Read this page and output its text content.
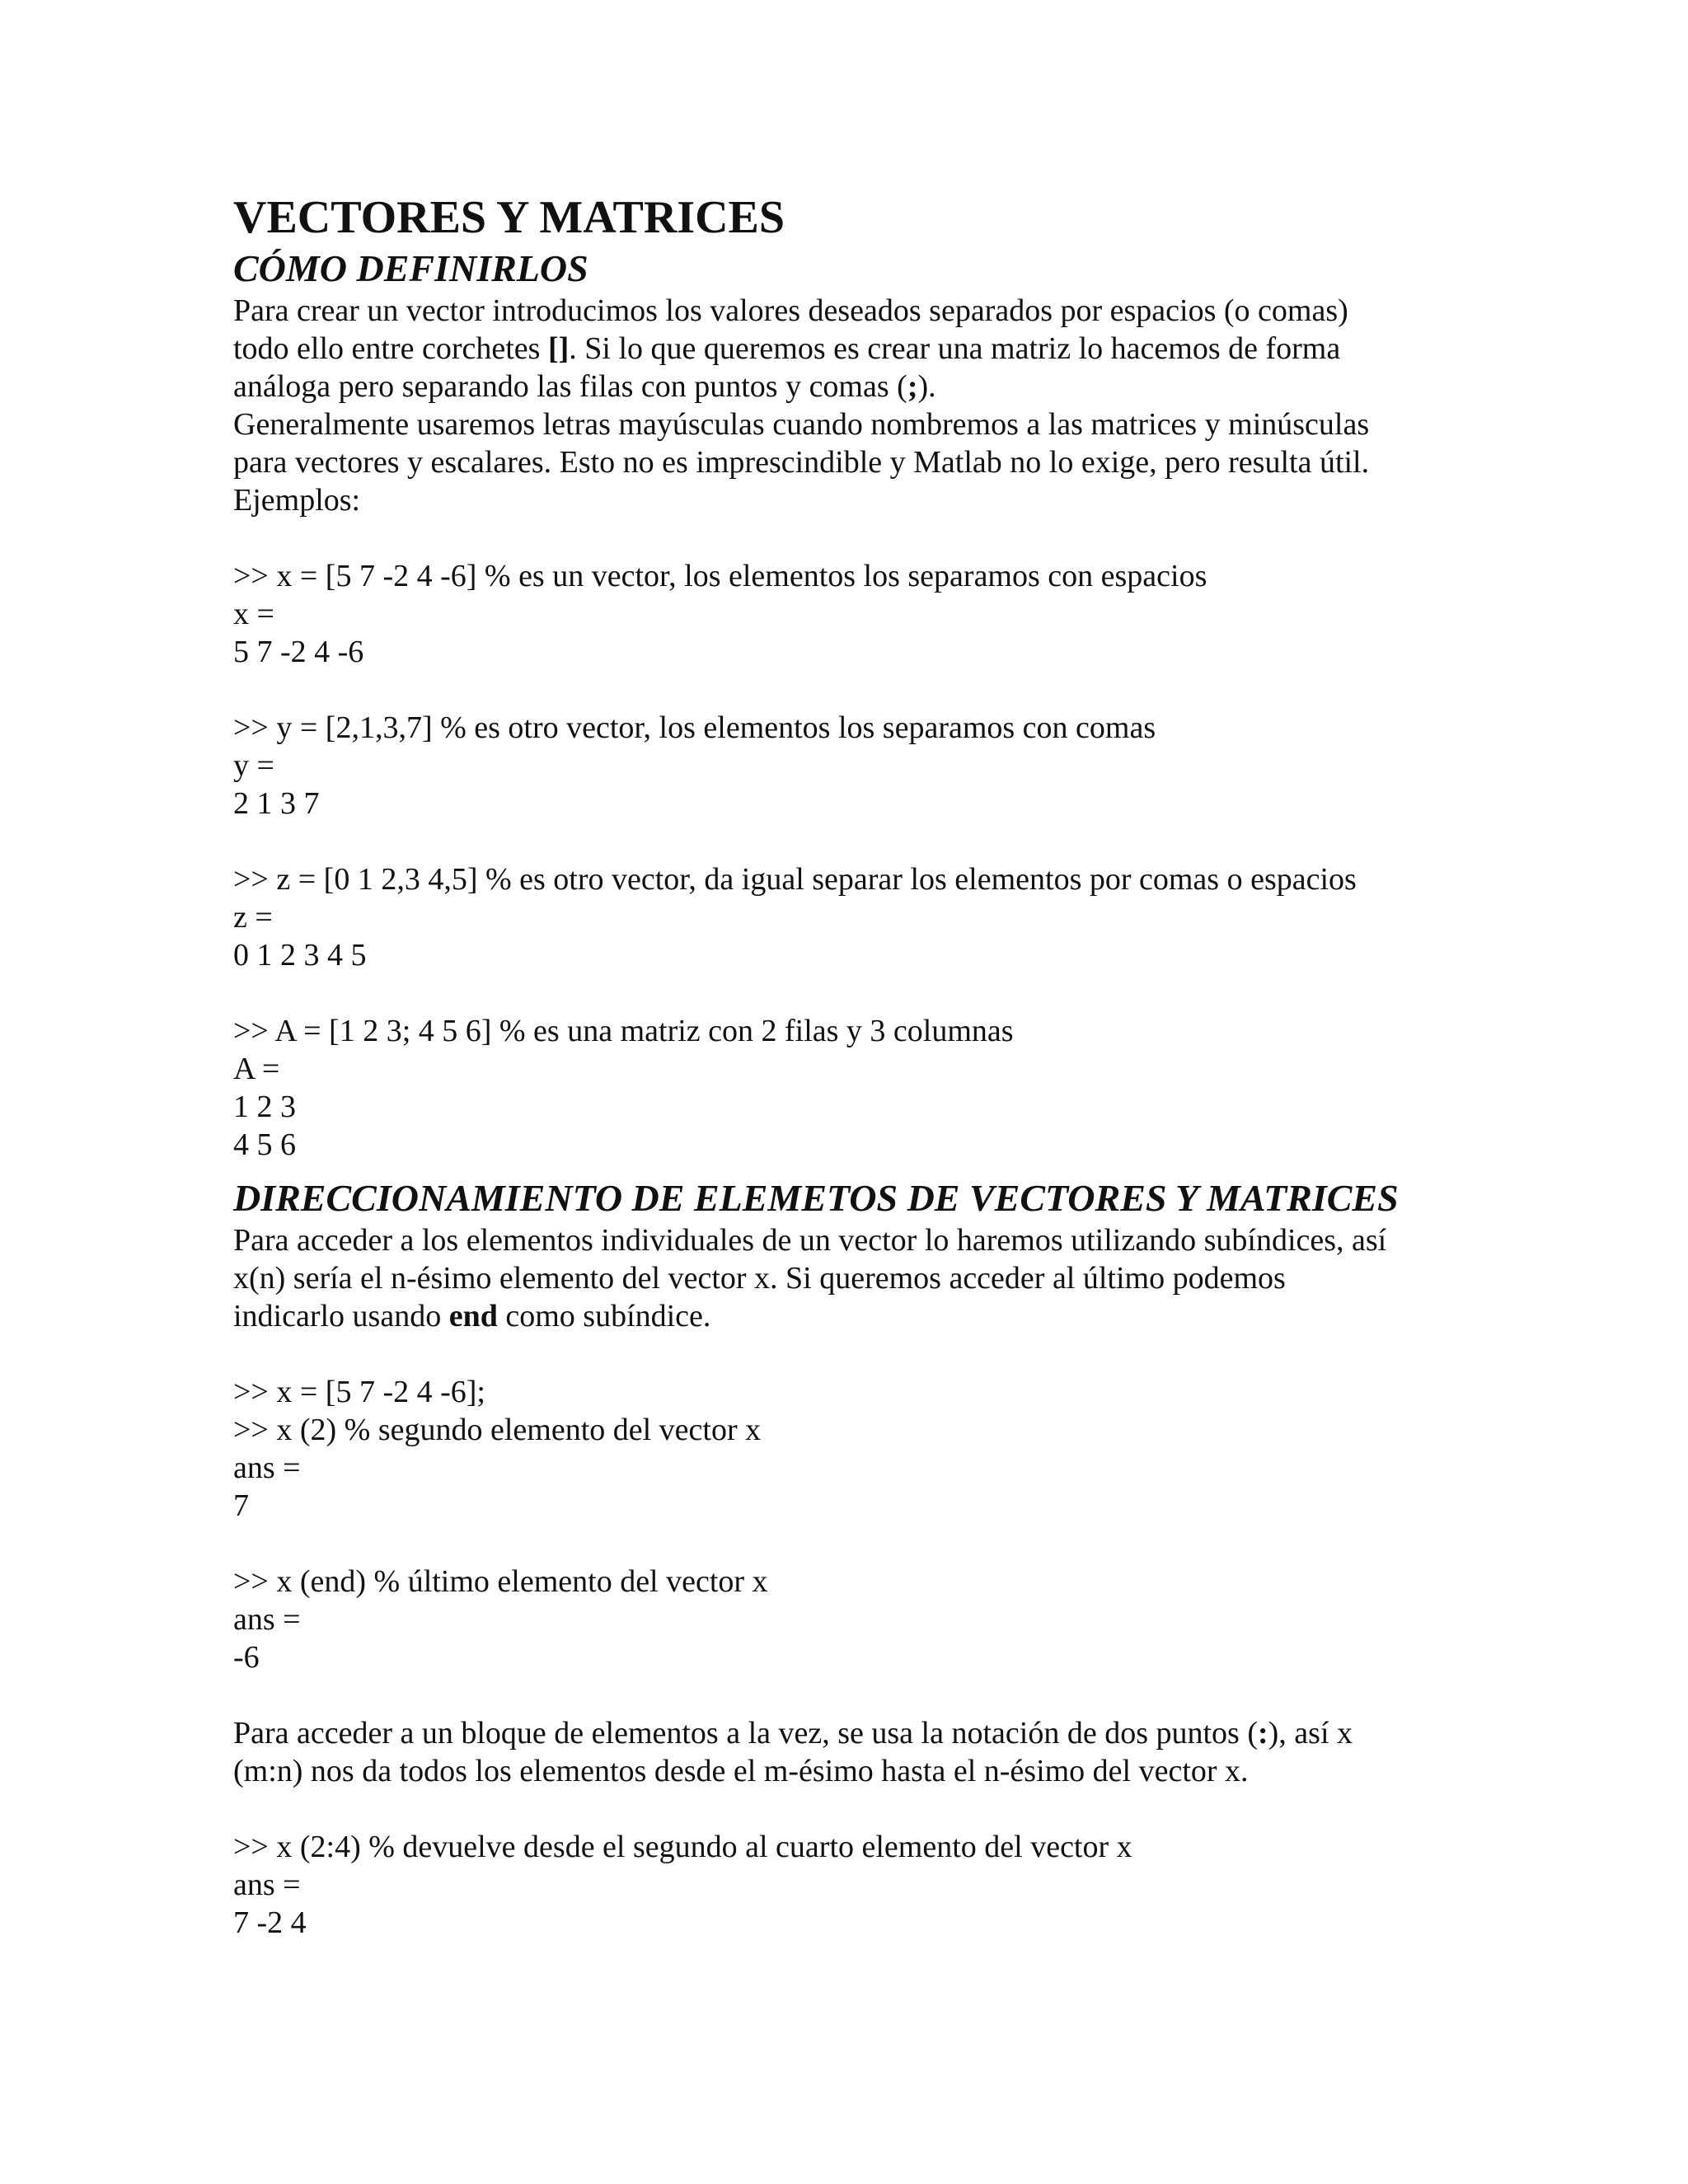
VECTORES Y MATRICES
CÓMO DEFINIRLOS
Para crear un vector introducimos los valores deseados separados por espacios (o comas)
todo ello entre corchetes []. Si lo que queremos es crear una matriz lo hacemos de forma
análoga pero separando las filas con puntos y comas (;).
Generalmente usaremos letras mayúsculas cuando nombremos a las matrices y minúsculas
para vectores y escalares. Esto no es imprescindible y Matlab no lo exige, pero resulta útil.
Ejemplos:
>> x = [5 7 -2 4 -6] % es un vector, los elementos los separamos con espacios
x =
5 7 -2 4 -6
>> y = [2,1,3,7] % es otro vector, los elementos los separamos con comas
y =
2 1 3 7
>> z = [0 1 2,3 4,5] % es otro vector, da igual separar los elementos por comas o espacios
z =
0 1 2 3 4 5
>> A = [1 2 3; 4 5 6] % es una matriz con 2 filas y 3 columnas
A =
1 2 3
4 5 6
DIRECCIONAMIENTO DE ELEMETOS DE VECTORES Y MATRICES
Para acceder a los elementos individuales de un vector lo haremos utilizando subíndices, así
x(n) sería el n-ésimo elemento del vector x. Si queremos acceder al último podemos
indicarlo usando end como subíndice.
>> x = [5 7 -2 4 -6];
>> x (2) % segundo elemento del vector x
ans =
7
>> x (end) % último elemento del vector x
ans =
-6
Para acceder a un bloque de elementos a la vez, se usa la notación de dos puntos (:), así x
(m:n) nos da todos los elementos desde el m-ésimo hasta el n-ésimo del vector x.
>> x (2:4) % devuelve desde el segundo al cuarto elemento del vector x
ans =
7 -2 4
